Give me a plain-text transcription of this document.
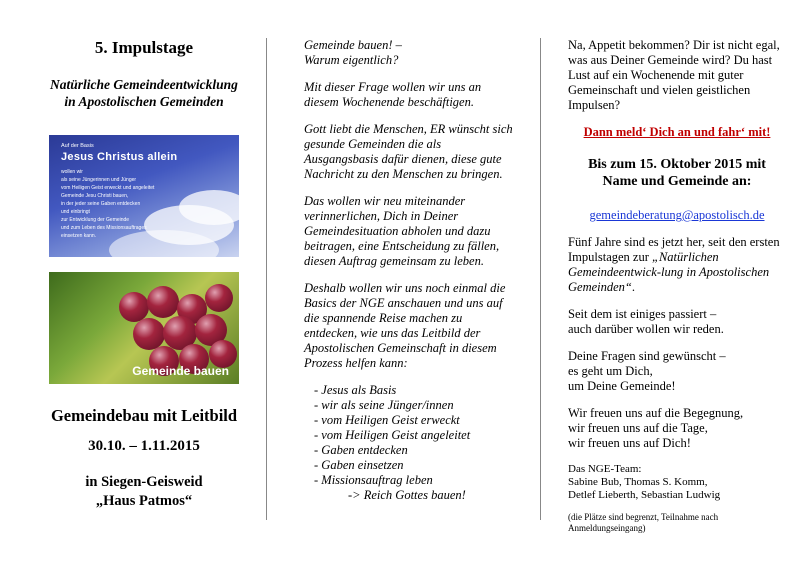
5. Impulstage
Natürliche Gemeindeentwicklung
in Apostolischen Gemeinden
Auf der Basis
Jesus Christus allein
wollen wir
als seine Jüngerinnen und Jünger
vom Heiligen Geist erweckt und angeleitet
Gemeinde Jesu Christi bauen,
in der jeder seine Gaben entdecken
und einbringt
zur Entwicklung der Gemeinde
und zum Leben des Missionsauftrages
einsetzen kann.
Gemeinde bauen
Gemeindebau mit Leitbild
30.10. – 1.11.2015
in Siegen-Geisweid
„Haus Patmos“

Gemeinde bauen! –
Warum eigentlich?

Mit dieser Frage wollen wir uns an diesem Wochenende beschäftigen.

Gott liebt die Menschen, ER wünscht sich gesunde Gemeinden die als Ausgangsbasis dafür dienen, diese gute Nachricht zu den Menschen zu bringen.

Das wollen wir neu miteinander verinnerlichen, Dich in Deiner Gemeindesituation abholen und dazu beitragen, eine Entscheidung zu fällen, diesen Auftrag gemeinsam zu leben.

Deshalb wollen wir uns noch einmal die Basics der NGE anschauen und uns auf die spannende Reise machen zu entdecken, wie uns das Leitbild der Apostolischen Gemeinschaft in diesem Prozess helfen kann:

- Jesus als Basis
- wir als seine Jünger/innen
- vom Heiligen Geist erweckt
- vom Heiligen Geist angeleitet
- Gaben entdecken
- Gaben einsetzen
- Missionsauftrag leben
-> Reich Gottes bauen!

Na, Appetit bekommen? Dir ist nicht egal, was aus Deiner Gemeinde wird? Du hast Lust auf ein Wochenende mit guter Gemeinschaft und vielen geistlichen Impulsen?

Dann meld‘ Dich an und fahr‘ mit!
Bis zum 15. Oktober 2015 mit
Name und Gemeinde an:
gemeindeberatung@apostolisch.de

Fünf Jahre sind es jetzt her, seit den ersten Impulstagen zur „Natürlichen Gemeindeentwick-lung in Apostolischen Gemeinden“.

Seit dem ist einiges passiert –
auch darüber wollen wir reden.

Deine Fragen sind gewünscht –
es geht um Dich,
um Deine Gemeinde!

Wir freuen uns auf die Begegnung,
wir freuen uns auf die Tage,
wir freuen uns auf Dich!

Das NGE-Team:
Sabine Bub, Thomas S. Komm,
Detlef Lieberth, Sebastian Ludwig
(die Plätze sind begrenzt, Teilnahme nach Anmeldungseingang)
